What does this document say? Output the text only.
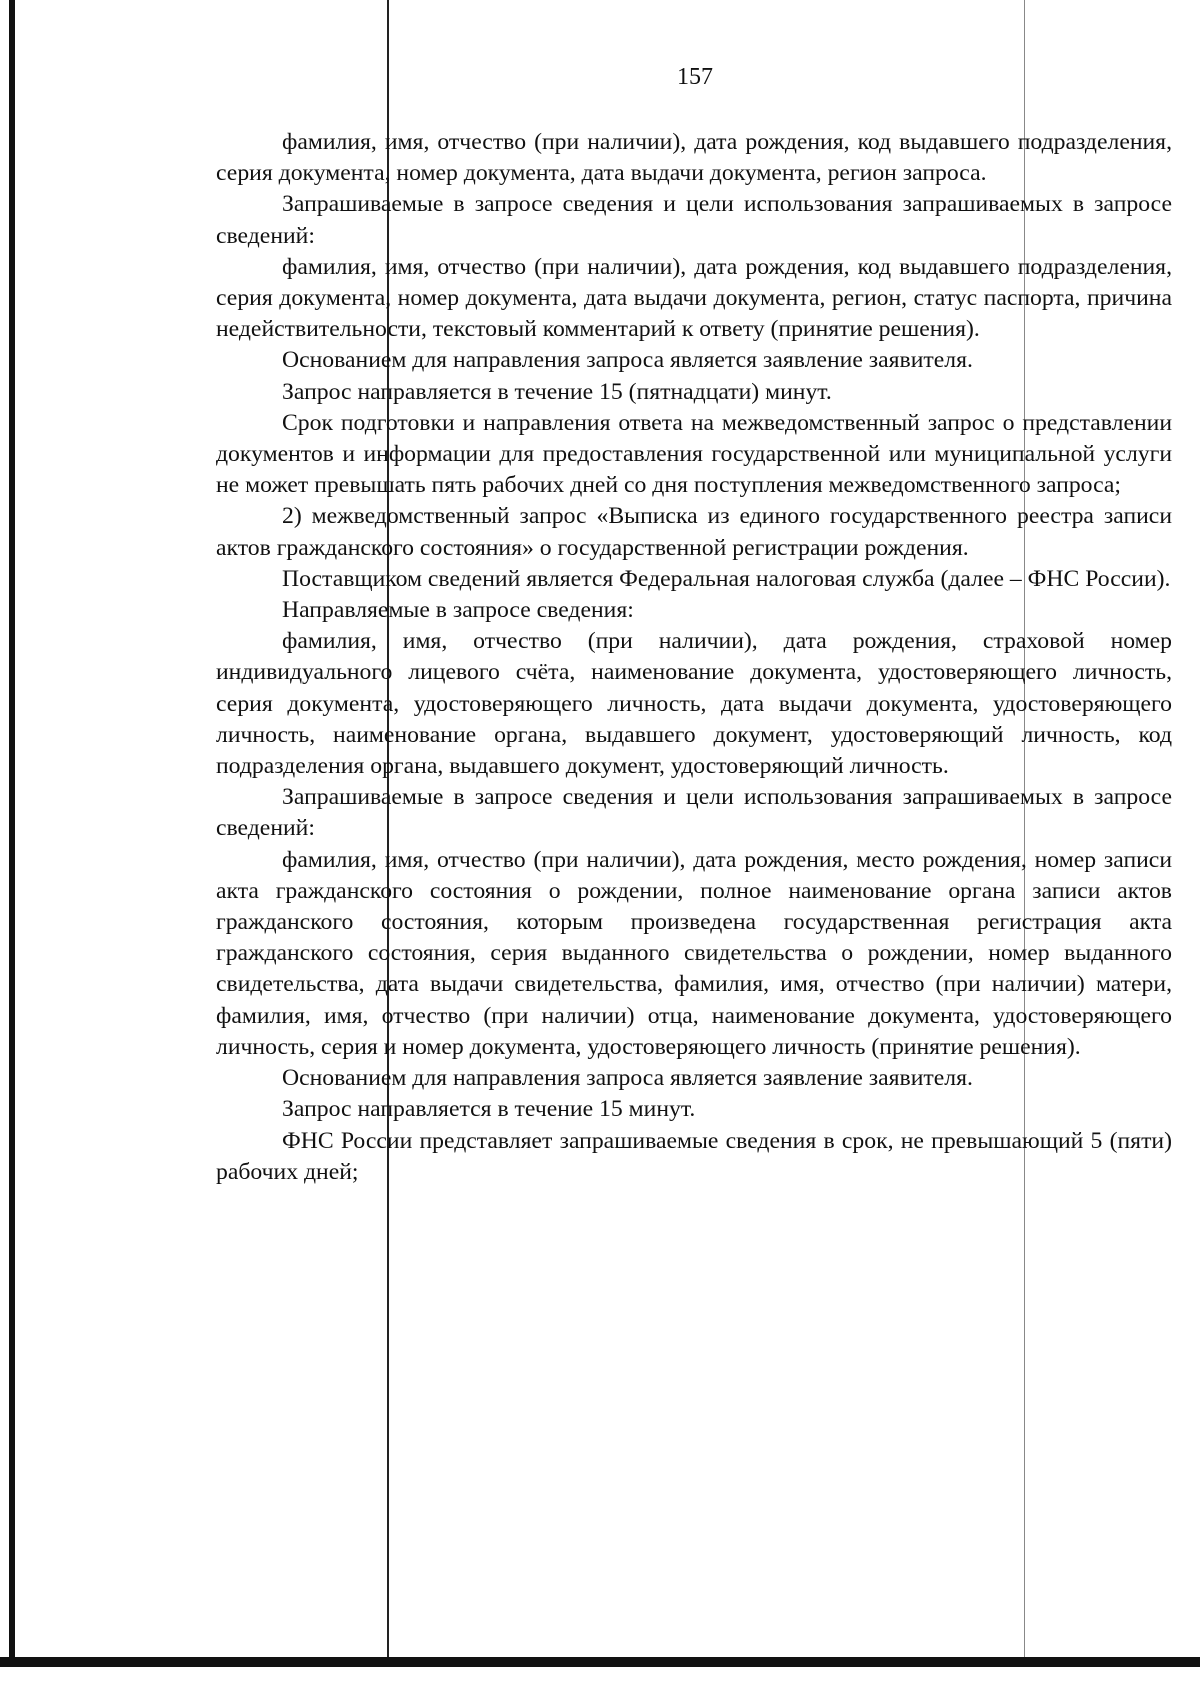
157

фамилия, имя, отчество (при наличии), дата рождения, код выдавшего подразделения, серия документа, номер документа, дата выдачи документа, регион запроса.

Запрашиваемые в запросе сведения и цели использования запрашиваемых в запросе сведений:

фамилия, имя, отчество (при наличии), дата рождения, код выдавшего подразделения, серия документа, номер документа, дата выдачи документа, регион, статус паспорта, причина недействительности, текстовый комментарий к ответу (принятие решения).

Основанием для направления запроса является заявление заявителя.

Запрос направляется в течение 15 (пятнадцати) минут.

Срок подготовки и направления ответа на межведомственный запрос о представлении документов и информации для предоставления государственной или муниципальной услуги не может превышать пять рабочих дней со дня поступления межведомственного запроса;

2) межведомственный запрос «Выписка из единого государственного реестра записи актов гражданского состояния» о государственной регистрации рождения.

Поставщиком сведений является Федеральная налоговая служба (далее – ФНС России).

Направляемые в запросе сведения:

фамилия, имя, отчество (при наличии), дата рождения, страховой номер индивидуального лицевого счёта, наименование документа, удостоверяющего личность, серия документа, удостоверяющего личность, дата выдачи документа, удостоверяющего личность, наименование органа, выдавшего документ, удостоверяющий личность, код подразделения органа, выдавшего документ, удостоверяющий личность.

Запрашиваемые в запросе сведения и цели использования запрашиваемых в запросе сведений:

фамилия, имя, отчество (при наличии), дата рождения, место рождения, номер записи акта гражданского состояния о рождении, полное наименование органа записи актов гражданского состояния, которым произведена государственная регистрация акта гражданского состояния, серия выданного свидетельства о рождении, номер выданного свидетельства, дата выдачи свидетельства, фамилия, имя, отчество (при наличии) матери, фамилия, имя, отчество (при наличии) отца, наименование документа, удостоверяющего личность, серия и номер документа, удостоверяющего личность (принятие решения).

Основанием для направления запроса является заявление заявителя.

Запрос направляется в течение 15 минут.

ФНС России представляет запрашиваемые сведения в срок, не превышающий 5 (пяти) рабочих дней;
